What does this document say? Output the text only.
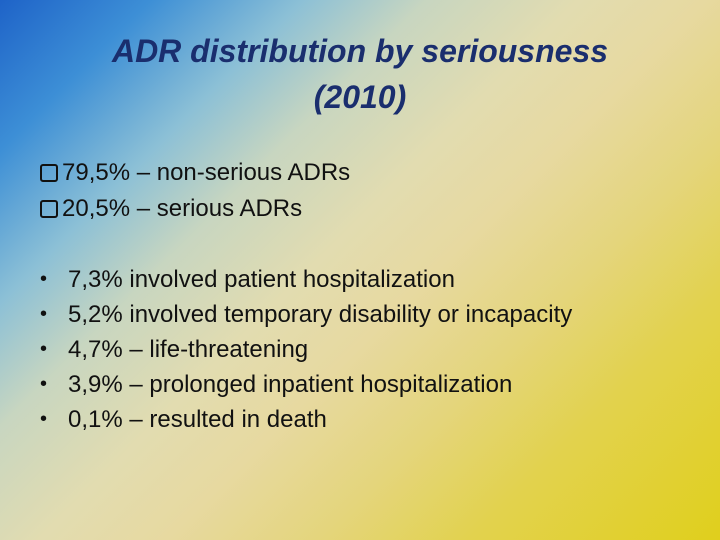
ADR distribution by seriousness
(2010)
79,5% – non-serious ADRs
20,5% – serious ADRs
• 7,3% involved patient hospitalization
• 5,2% involved temporary disability or incapacity
• 4,7% – life-threatening
• 3,9% – prolonged inpatient hospitalization
• 0,1% – resulted in death
